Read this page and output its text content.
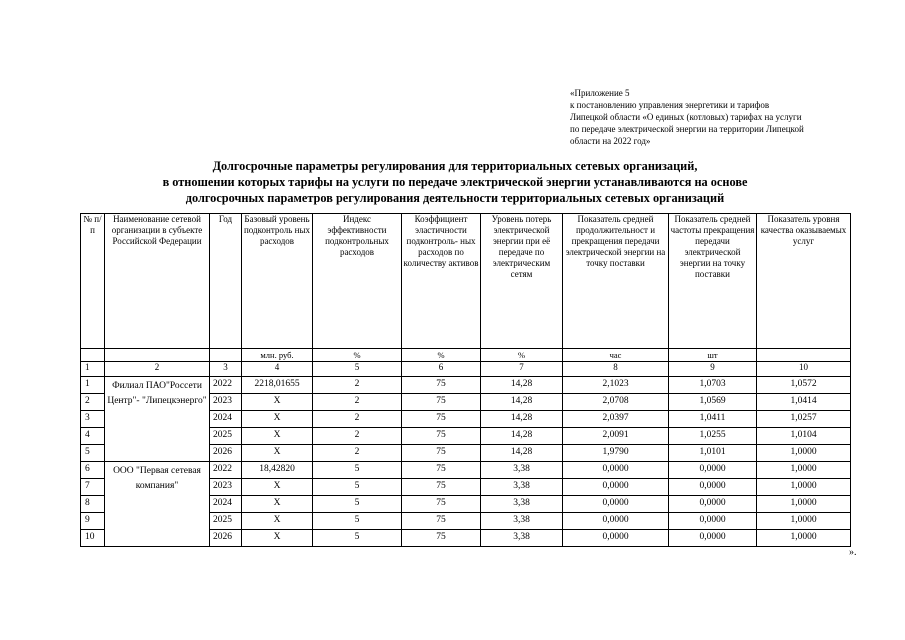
«Приложение 5
к постановлению управления энергетики и тарифов
Липецкой области «О единых (котловых) тарифах на услуги
по передаче электрической энергии на территории Липецкой
области на 2022 год»
Долгосрочные параметры регулирования для территориальных сетевых организаций,
в отношении которых тарифы на услуги по передаче электрической энергии устанавливаются на основе
долгосрочных параметров регулирования деятельности территориальных сетевых организаций
№ п/п	Наименование сетевой организации в субъекте Российской Федерации	Год	Базовый уровень подконтроль ных расходов	Индекс эффективности подконтрольных расходов	Коэффициент эластичности подконтроль- ных расходов по количеству активов	Уровень потерь электрической энергии при её передаче по электрическим сетям	Показатель средней продолжительност и прекращения передачи электрической энергии на точку поставки	Показатель средней частоты прекращения передачи электрической энергии на точку поставки	Показатель уровня качества оказываемых услуг
			млн. руб.	%	%	%	час	шт	
1	2	3	4	5	6	7	8	9	10
1	Филиал ПАО"Россети Центр"- "Липецкэнерго"	2022	2218,01655	2	75	14,28	2,1023	1,0703	1,0572
2		2023	Х	2	75	14,28	2,0708	1,0569	1,0414
3		2024	Х	2	75	14,28	2,0397	1,0411	1,0257
4		2025	Х	2	75	14,28	2,0091	1,0255	1,0104
5		2026	Х	2	75	14,28	1,9790	1,0101	1,0000
6	ООО "Первая сетевая компания"	2022	18,42820	5	75	3,38	0,0000	0,0000	1,0000
7		2023	Х	5	75	3,38	0,0000	0,0000	1,0000
8		2024	Х	5	75	3,38	0,0000	0,0000	1,0000
9		2025	Х	5	75	3,38	0,0000	0,0000	1,0000
10		2026	Х	5	75	3,38	0,0000	0,0000	1,0000
».
